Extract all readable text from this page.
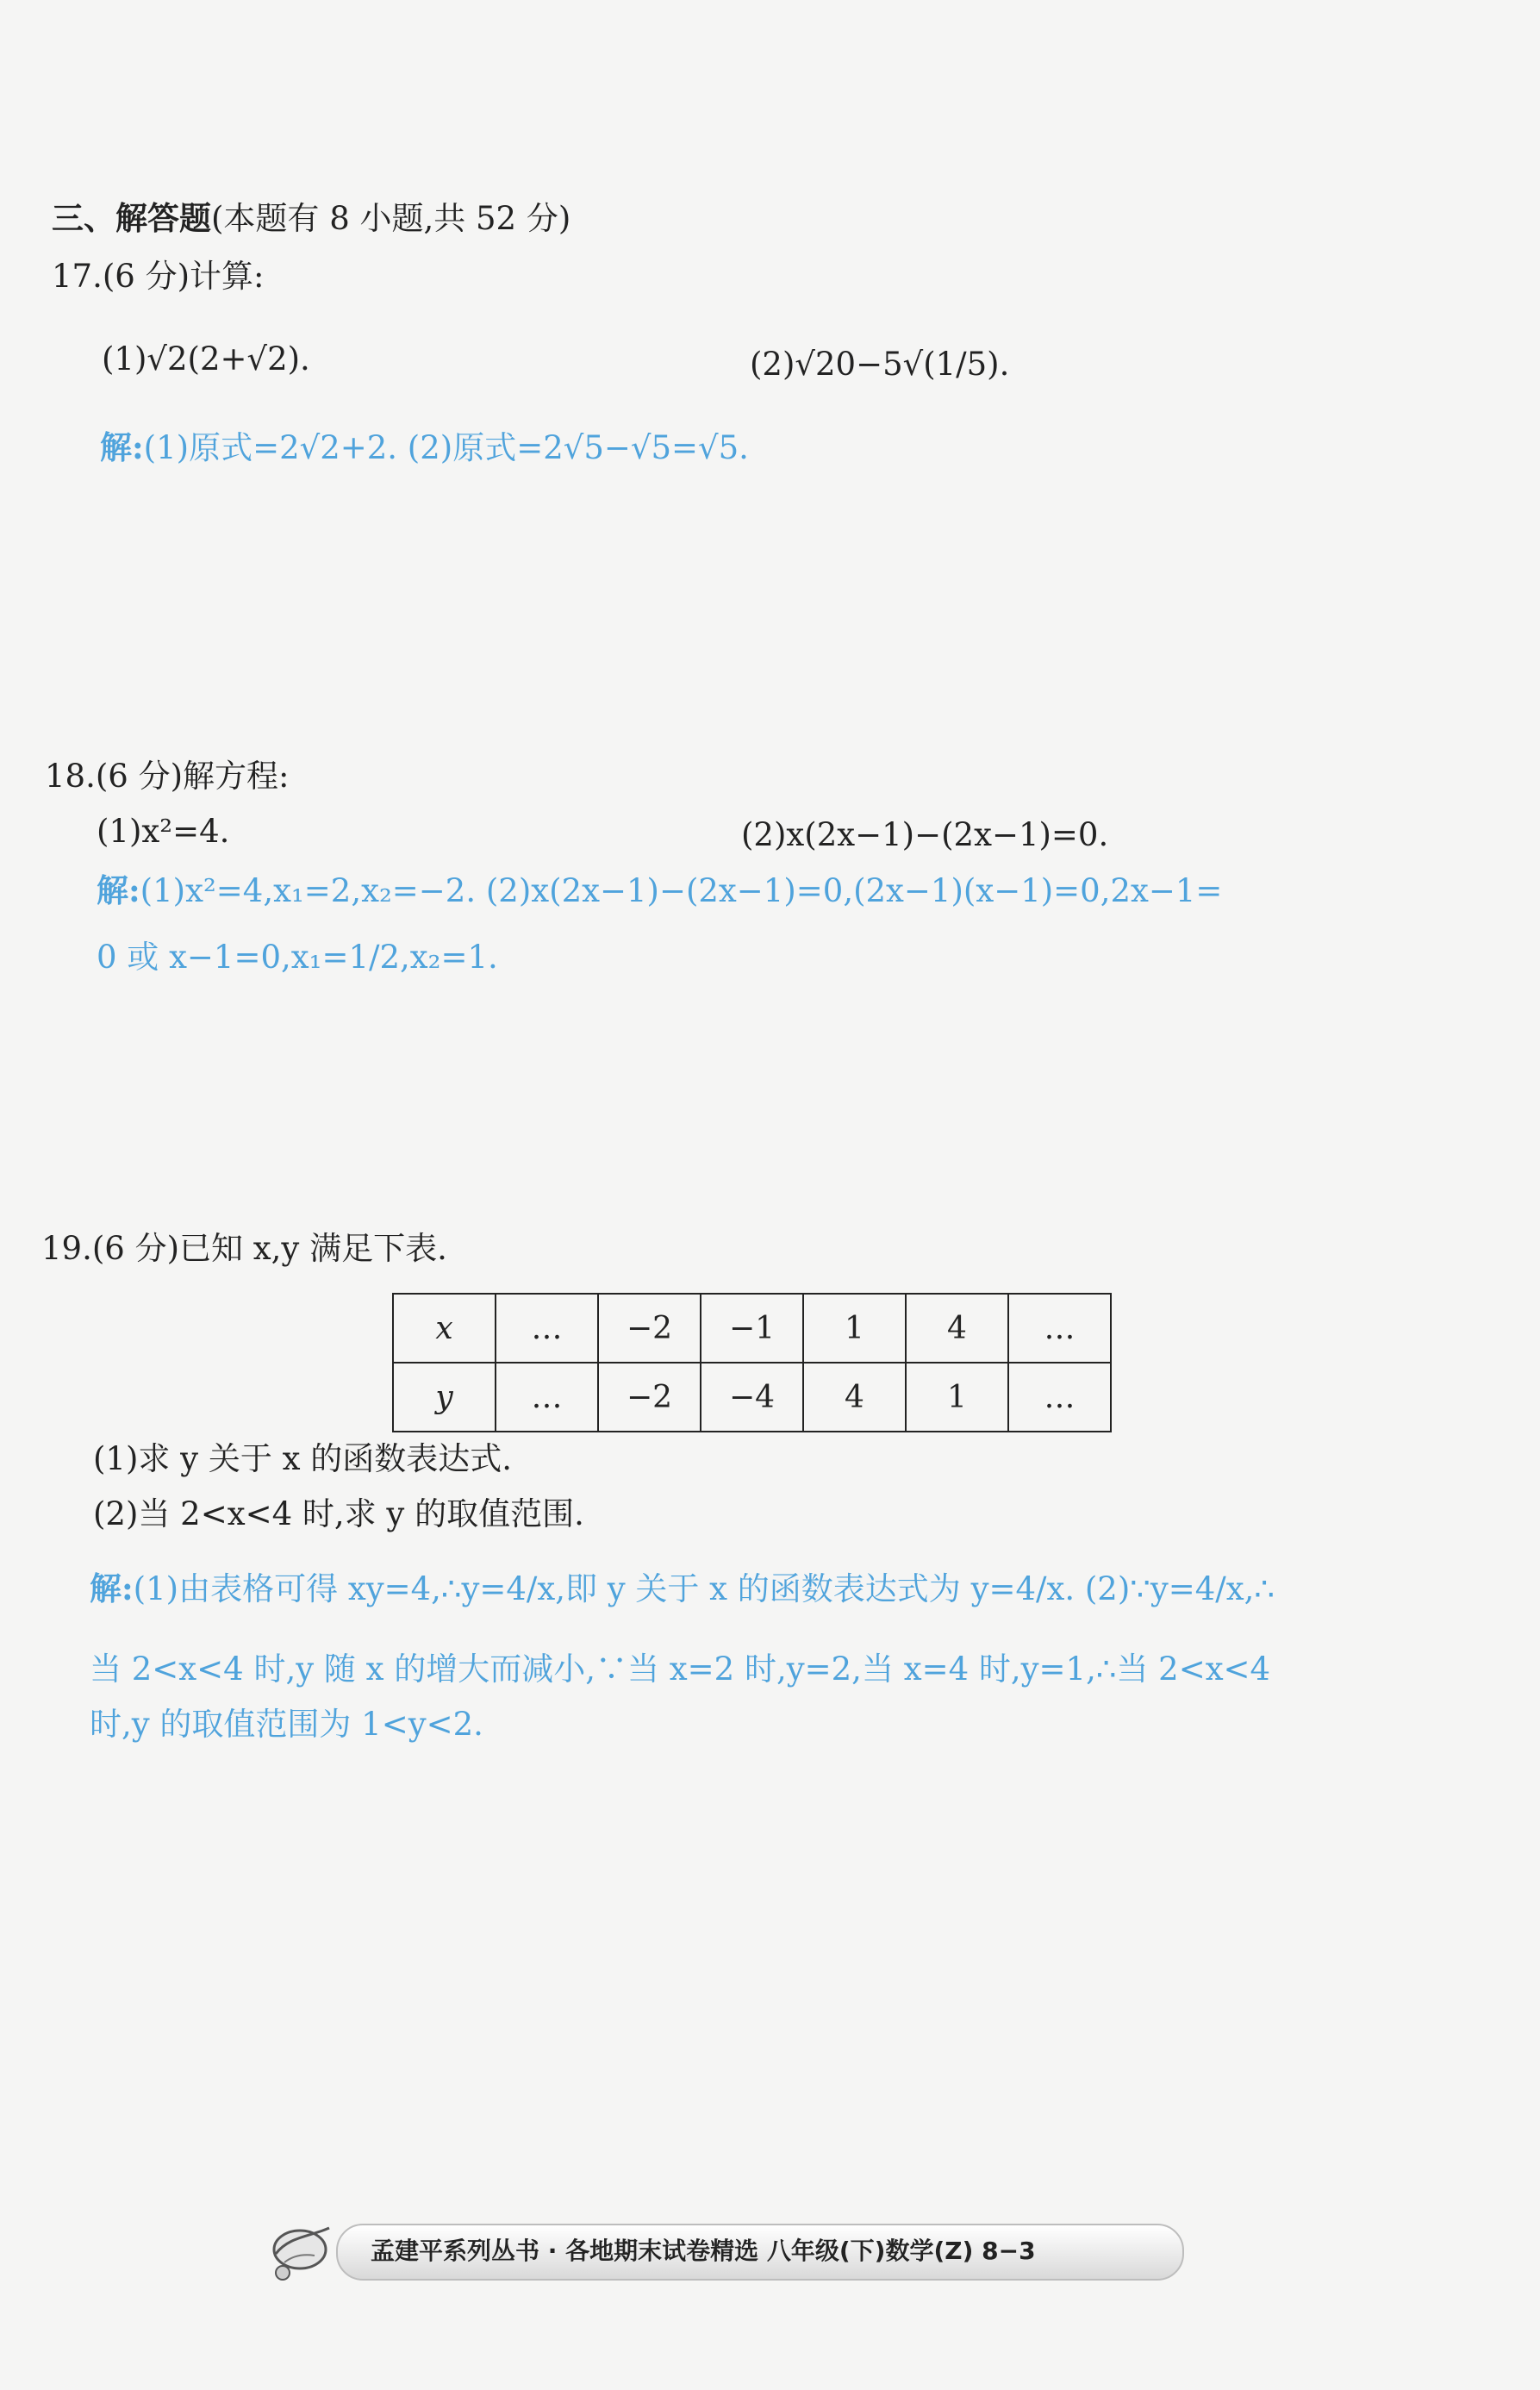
三、解答题(本题有 8 小题,共 52 分)
17.(6 分)计算:
(1)√2(2+√2).	(2)√20−5√(1/5).
解:(1)原式=2√2+2. (2)原式=2√5−√5=√5.
18.(6 分)解方程:
(1)x²=4.	(2)x(2x−1)−(2x−1)=0.
解:(1)x²=4,x₁=2,x₂=−2. (2)x(2x−1)−(2x−1)=0,(2x−1)(x−1)=0,2x−1=
0 或 x−1=0,x₁=1/2,x₂=1.
19.(6 分)已知 x,y 满足下表.
x	…	−2	−1	1	4	…
y	…	−2	−4	4	1	…
(1)求 y 关于 x 的函数表达式.
(2)当 2<x<4 时,求 y 的取值范围.
解:(1)由表格可得 xy=4,∴y=4/x,即 y 关于 x 的函数表达式为 y=4/x. (2)∵y=4/x,∴
当 2<x<4 时,y 随 x 的增大而减小,∵当 x=2 时,y=2,当 x=4 时,y=1,∴当 2<x<4
时,y 的取值范围为 1<y<2.
孟建平系列丛书 · 各地期末试卷精选 八年级(下)数学(Z) 8−3
